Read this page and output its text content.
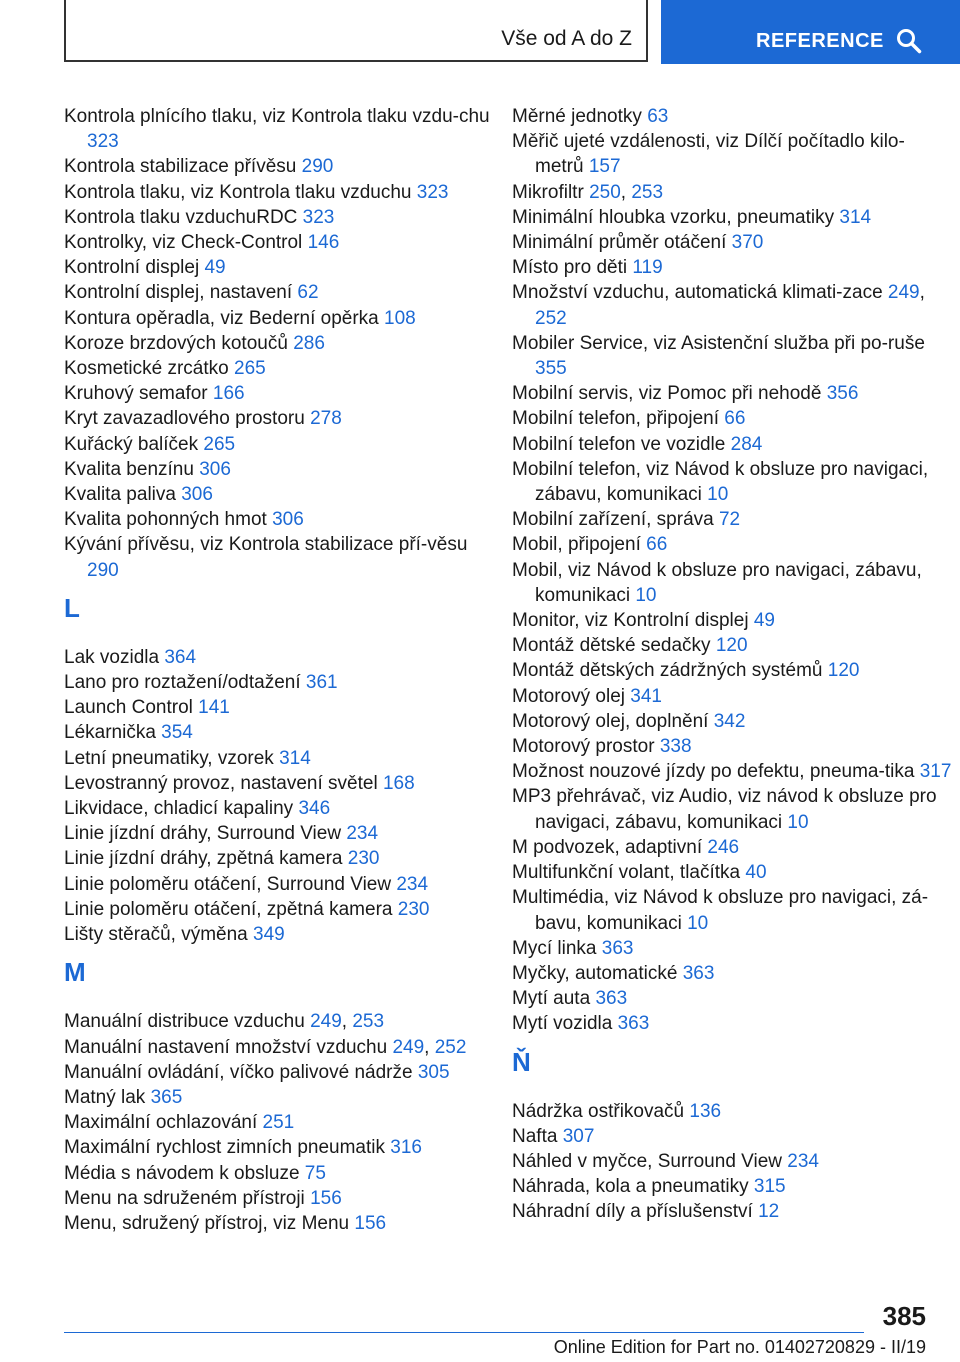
Vše od A do Z	REFERENCE
Kontrola plnícího tlaku, viz Kontrola tlaku vzdu-chu 323
Kontrola stabilizace přívěsu 290
Kontrola tlaku, viz Kontrola tlaku vzduchu 323
Kontrola tlaku vzduchuRDC 323
Kontrolky, viz Check-Control 146
Kontrolní displej 49
Kontrolní displej, nastavení 62
Kontura opěradla, viz Bederní opěrka 108
Koroze brzdových kotoučů 286
Kosmetické zrcátko 265
Kruhový semafor 166
Kryt zavazadlového prostoru 278
Kuřácký balíček 265
Kvalita benzínu 306
Kvalita paliva 306
Kvalita pohonných hmot 306
Kývání přívěsu, viz Kontrola stabilizace pří-věsu 290
L
Lak vozidla 364
Lano pro roztažení/odtažení 361
Launch Control 141
Lékarnička 354
Letní pneumatiky, vzorek 314
Levostranný provoz, nastavení světel 168
Likvidace, chladicí kapaliny 346
Linie jízdní dráhy, Surround View 234
Linie jízdní dráhy, zpětná kamera 230
Linie poloměru otáčení, Surround View 234
Linie poloměru otáčení, zpětná kamera 230
Lišty stěračů, výměna 349
M
Manuální distribuce vzduchu 249, 253
Manuální nastavení množství vzduchu 249, 252
Manuální ovládání, víčko palivové nádrže 305
Matný lak 365
Maximální ochlazování 251
Maximální rychlost zimních pneumatik 316
Média s návodem k obsluze 75
Menu na sdruženém přístroji 156
Menu, sdružený přístroj, viz Menu 156
Měrné jednotky 63
Měřič ujeté vzdálenosti, viz Dílčí počítadlo kilo-metrů 157
Mikrofiltr 250, 253
Minimální hloubka vzorku, pneumatiky 314
Minimální průměr otáčení 370
Místo pro děti 119
Množství vzduchu, automatická klimati-zace 249, 252
Mobiler Service, viz Asistenční služba při po-ruše 355
Mobilní servis, viz Pomoc při nehodě 356
Mobilní telefon, připojení 66
Mobilní telefon ve vozidle 284
Mobilní telefon, viz Návod k obsluze pro navigaci, zábavu, komunikaci 10
Mobilní zařízení, správa 72
Mobil, připojení 66
Mobil, viz Návod k obsluze pro navigaci, zábavu, komunikaci 10
Monitor, viz Kontrolní displej 49
Montáž dětské sedačky 120
Montáž dětských zádržných systémů 120
Motorový olej 341
Motorový olej, doplnění 342
Motorový prostor 338
Možnost nouzové jízdy po defektu, pneuma-tika 317
MP3 přehrávač, viz Audio, viz návod k obsluze pro navigaci, zábavu, komunikaci 10
M podvozek, adaptivní 246
Multifunkční volant, tlačítka 40
Multimédia, viz Návod k obsluze pro navigaci, zá-bavu, komunikaci 10
Mycí linka 363
Myčky, automatické 363
Mytí auta 363
Mytí vozidla 363
Ň
Nádržka ostřikovačů 136
Nafta 307
Náhled v myčce, Surround View 234
Náhrada, kola a pneumatiky 315
Náhradní díly a příslušenství 12
385
Online Edition for Part no. 01402720829 - II/19
